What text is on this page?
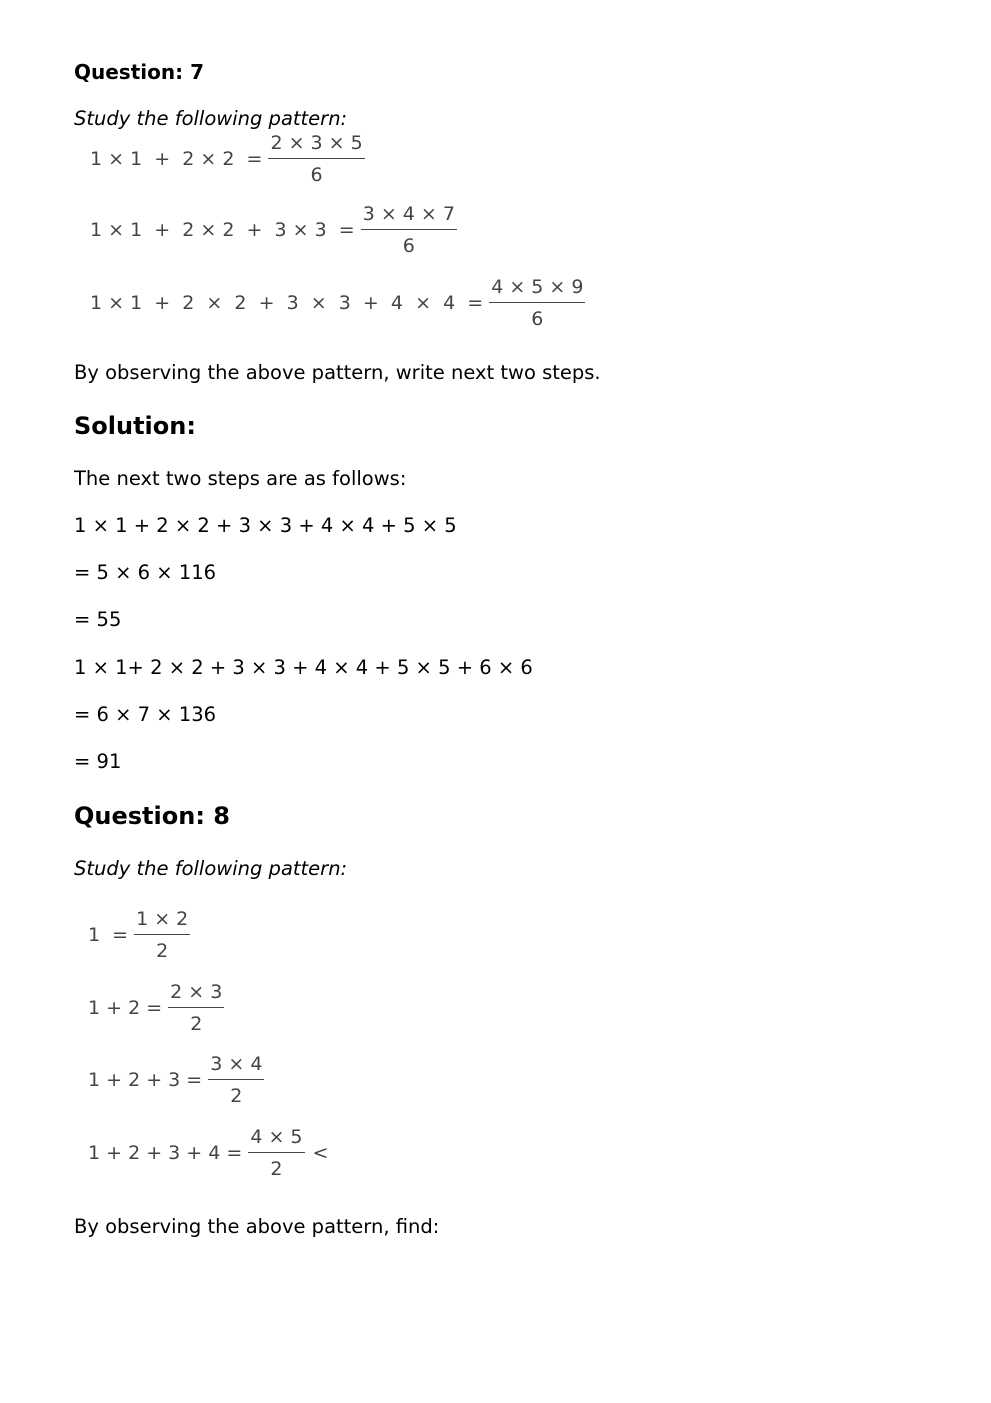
Question: 7
Study the following pattern:
$1 \times 1 + 2 \times 2 = \frac{2 \times 3 \times 5}{6}$
$1 \times 1 + 2 \times 2 + 3 \times 3 = \frac{3 \times 4 \times 7}{6}$
$1 \times 1 + 2 \times 2 + 3 \times 3 + 4 \times 4 = \frac{4 \times 5 \times 9}{6}$
By observing the above pattern, write next two steps.
Solution:
The next two steps are as follows:
1 × 1 + 2 × 2 + 3 × 3 + 4 × 4 + 5 × 5
= 5 × 6 × 116
= 55
1 × 1+ 2 × 2 + 3 × 3 + 4 × 4 + 5 × 5 + 6 × 6
= 6 × 7 × 136
= 91
Question: 8
Study the following pattern:
$1 = \frac{1 \times 2}{2}$
$1 + 2 = \frac{2 \times 3}{2}$
$1 + 2 + 3 = \frac{3 \times 4}{2}$
$1 + 2 + 3 + 4 = \frac{4 \times 5}{2}$ <
By observing the above pattern, find:
